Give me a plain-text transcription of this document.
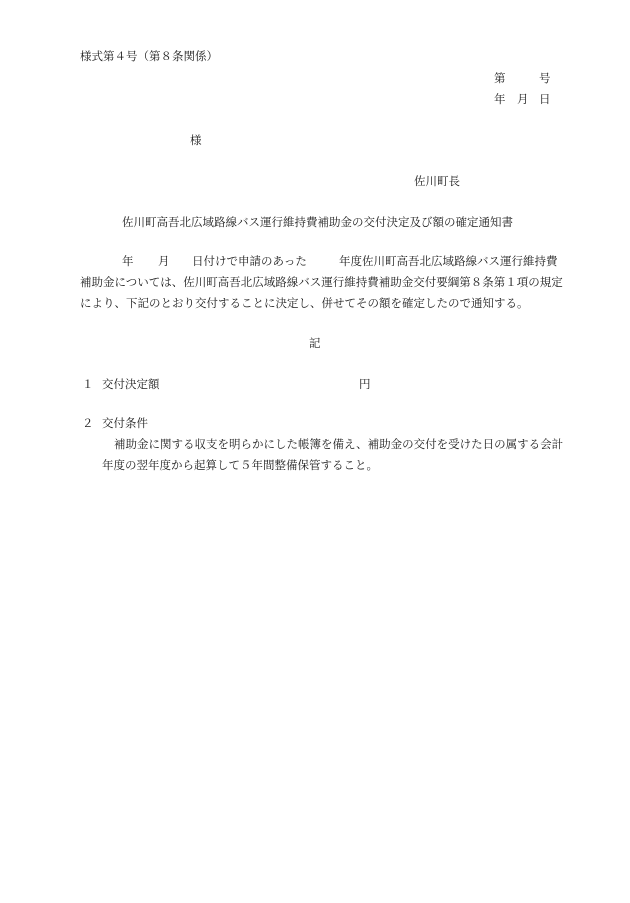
様式第４号（第８条関係）
第	号
年 月 日
様
佐川町長
佐川町高吾北広域路線バス運行維持費補助金の交付決定及び額の確定通知書
年 月 日付けで申請のあった	年度佐川町高吾北広域路線バス運行維持費
補助金については、佐川町高吾北広域路線バス運行維持費補助金交付要綱第８条第１項の規定
により、下記のとおり交付することに決定し、併せてその額を確定したので通知する。
記
１ 交付決定額	円
２ 交付条件
補助金に関する収支を明らかにした帳簿を備え、補助金の交付を受けた日の属する会計
年度の翌年度から起算して５年間整備保管すること。
